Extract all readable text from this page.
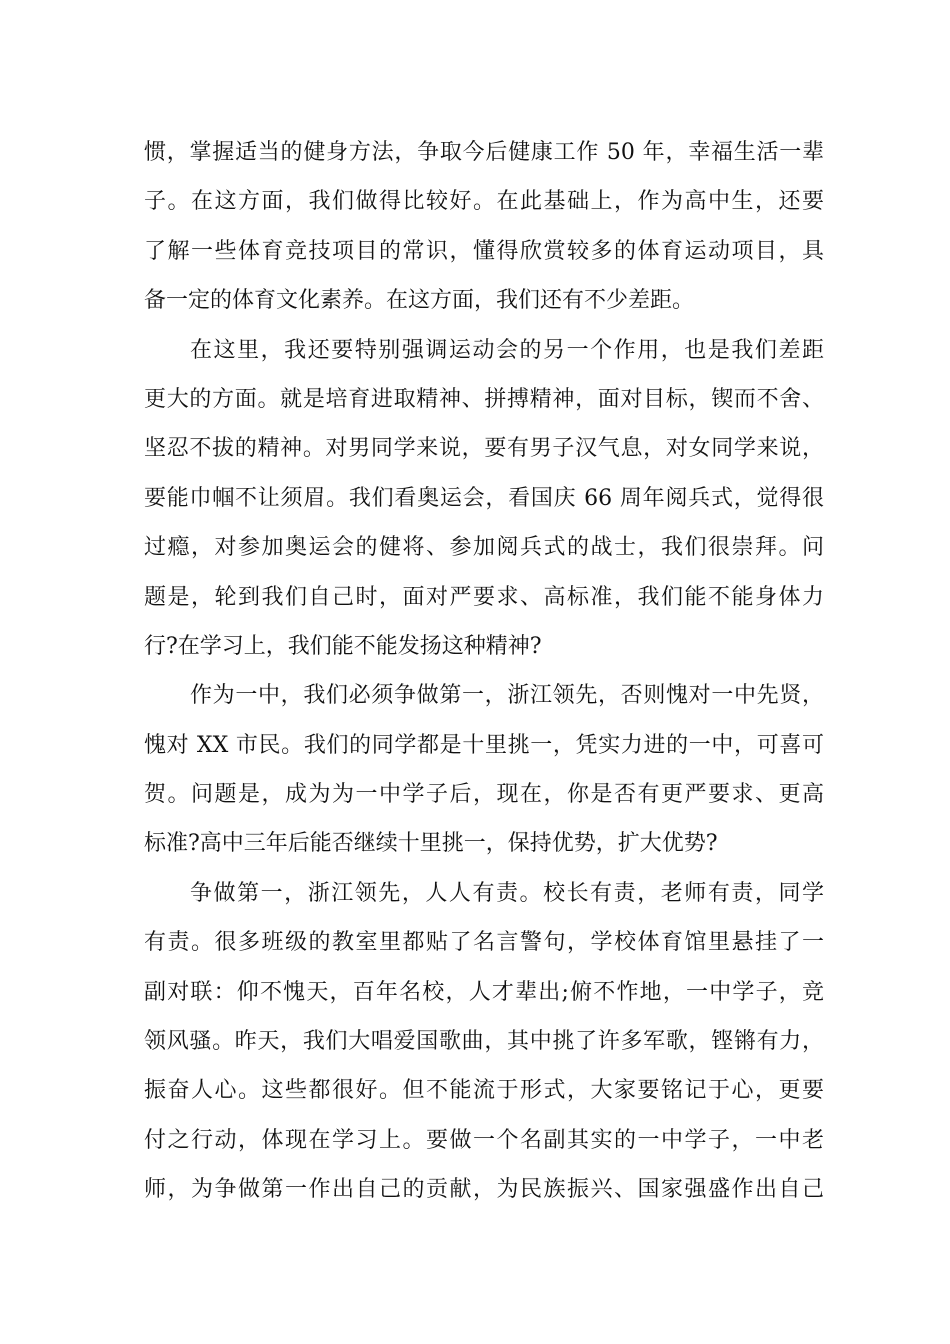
惯，掌握适当的健身方法，争取今后健康工作 50 年，幸福生活一辈
子。在这方面，我们做得比较好。在此基础上，作为高中生，还要
了解一些体育竞技项目的常识，懂得欣赏较多的体育运动项目，具
备一定的体育文化素养。在这方面，我们还有不少差距。
在这里，我还要特别强调运动会的另一个作用，也是我们差距
更大的方面。就是培育进取精神、拼搏精神，面对目标，锲而不舍、
坚忍不拔的精神。对男同学来说，要有男子汉气息，对女同学来说，
要能巾帼不让须眉。我们看奥运会，看国庆 66 周年阅兵式，觉得很
过瘾，对参加奥运会的健将、参加阅兵式的战士，我们很崇拜。问
题是，轮到我们自己时，面对严要求、高标准，我们能不能身体力
行?在学习上，我们能不能发扬这种精神?
作为一中，我们必须争做第一，浙江领先，否则愧对一中先贤，
愧对 XX 市民。我们的同学都是十里挑一，凭实力进的一中，可喜可
贺。问题是，成为为一中学子后，现在，你是否有更严要求、更高
标准?高中三年后能否继续十里挑一，保持优势，扩大优势?
争做第一，浙江领先，人人有责。校长有责，老师有责，同学
有责。很多班级的教室里都贴了名言警句，学校体育馆里悬挂了一
副对联：仰不愧天，百年名校，人才辈出;俯不怍地，一中学子，竞
领风骚。昨天，我们大唱爱国歌曲，其中挑了许多军歌，铿锵有力，
振奋人心。这些都很好。但不能流于形式，大家要铭记于心，更要
付之行动，体现在学习上。要做一个名副其实的一中学子，一中老
师，为争做第一作出自己的贡献，为民族振兴、国家强盛作出自己
